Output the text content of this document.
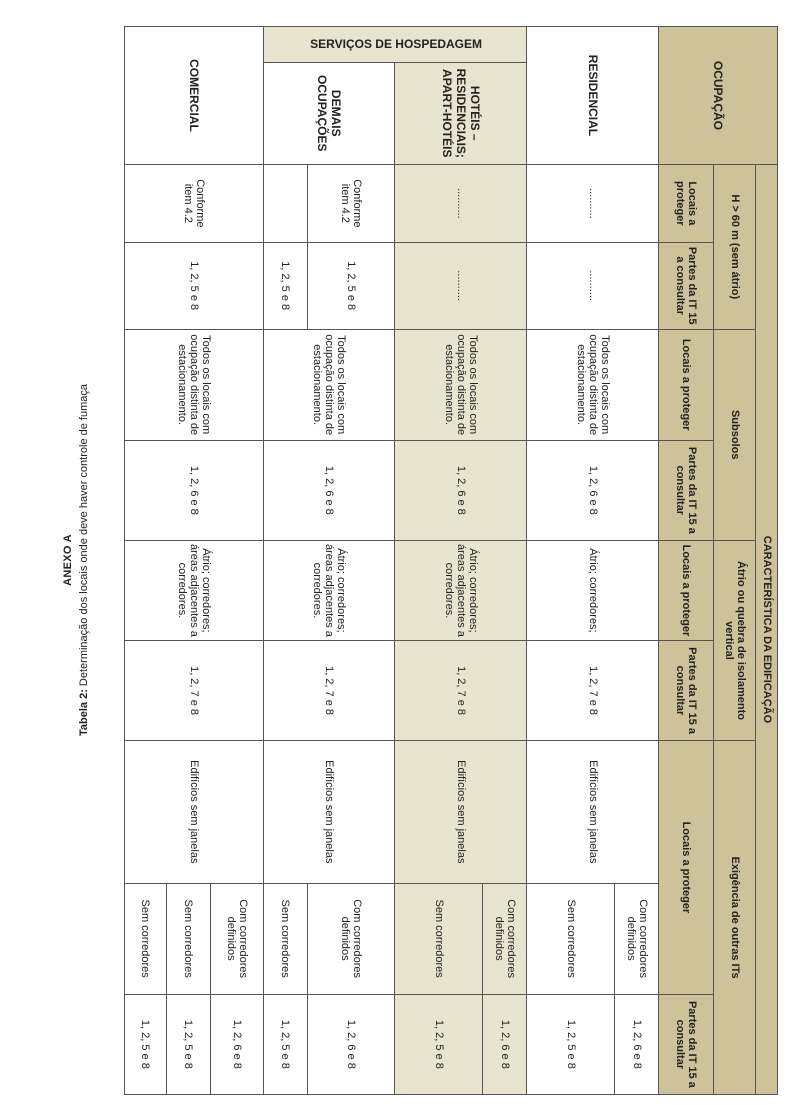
ANEXO A
Tabela 2: Determinação dos locais onde deve haver controle de fumaça
OCUPAÇÃO		CARACTERÍSTICA DA EDIFICAÇÃO								
		H > 60 m (sem átrio)		Subsolos		Átrio ou quebra de isolamento vertical		Exigência de outras ITs		
		Locais a proteger	Partes da IT 15 a consultar	Locais a proteger	Partes da IT 15 a consultar	Locais a proteger	Partes da IT 15 a consultar	Locais a proteger		Partes da IT 15 a consultar
RESIDENCIAL		..........	..........	Todos os locais com ocupação distinta de estacionamento.	1, 2, 6 e 8	Átrio; corredores;	1, 2, 7 e 8	Edifícios sem janelas	Com corredores definidos	1, 2, 6 e 8
									Sem corredores	1, 2, 5 e 8
SERVIÇOS DE HOSPEDAGEM	HOTÉIS – RESIDENCIAIS; APART-HOTÉIS	..........	..........	Todos os locais com ocupação distinta de estacionamento.	1, 2, 6 e 8	Átrio; corredores; áreas adjacentes a corredores.	1, 2, 7 e 8	Edifícios sem janelas	Com corredores definidos	1, 2, 6 e 8
									Sem corredores	1, 2, 5 e 8
	DEMAIS OCUPAÇÕES	Conforme item 4.2	1, 2, 5 e 8	Todos os locais com ocupação distinta de estacionamento.	1, 2, 6 e 8	Átrio; corredores; áreas adjacentes a corredores.	1, 2, 7 e 8	Edifícios sem janelas	Com corredores definidos	1, 2, 6 e 8

			1, 2, 5 e 8						Sem corredores	1, 2, 5 e 8
COMERCIAL		Conforme item 4.2	1, 2, 5 e 8	Todos os locais com ocupação distinta de estacionamento.	1, 2, 6 e 8	Átrio; corredores; áreas adjacentes a corredores.	1, 2, 7 e 8	Edifícios sem janelas	Com corredores definidos	1, 2, 6 e 8
									Sem corredores	1, 2, 5 e 8
									Sem corredores	1, 2, 5 e 8
